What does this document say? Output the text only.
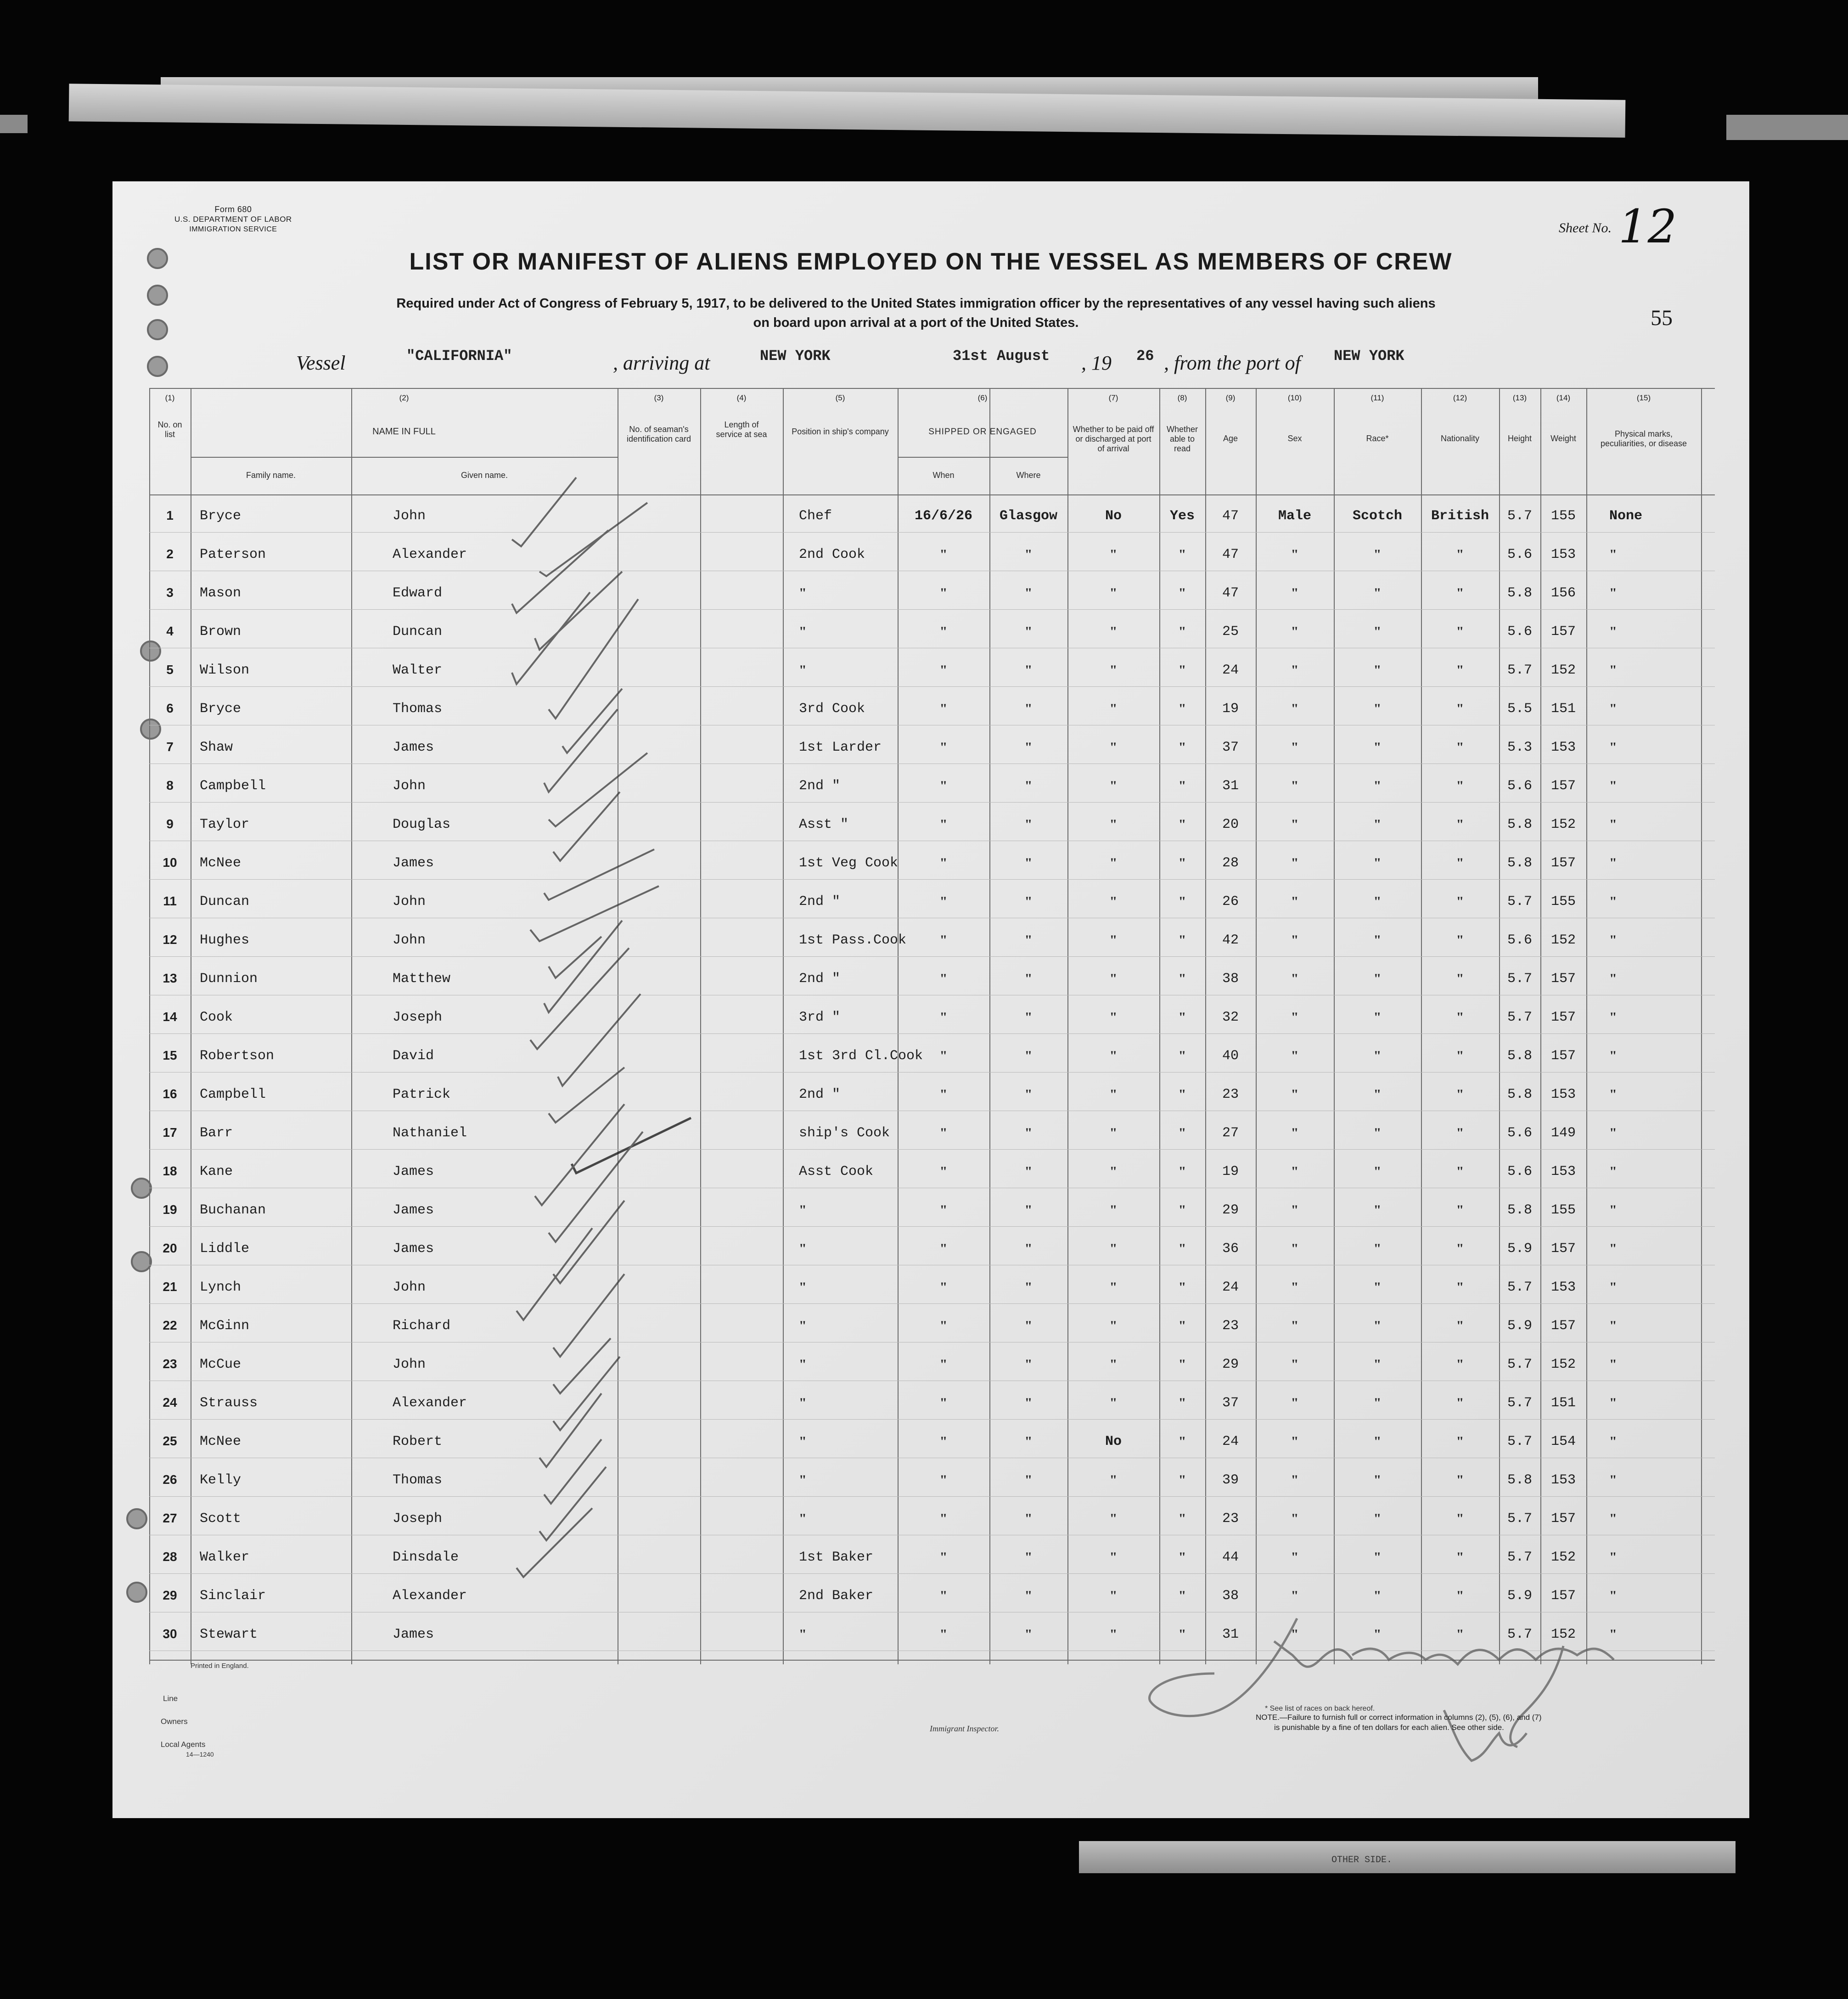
OTHER SIDE.
Form 680
U.S. DEPARTMENT OF LABOR
IMMIGRATION SERVICE	Sheet No. 12
55
LIST OR MANIFEST OF ALIENS EMPLOYED ON THE VESSEL AS MEMBERS OF CREW
Required under Act of Congress of February 5, 1917, to be delivered to the United States immigration officer by the representatives of any vessel having such aliens
on board upon arrival at a port of the United States.
Vessel	"CALIFORNIA"	, arriving at	NEW YORK	31st August , 19 26 , from the port of NEW YORK
(1)	(2)	(3)	(4)	(5)	(6)	(7)	(8)	(9)	(10)	(11)	(12)	(13)	(14)	(15)
No. on list	NAME IN FULL
Family name.	Given name.
No. of seaman's identification card
Length of service at sea	Position in ship's company	SHIPPED OR ENGAGED
When	Where
Whether to be paid off or discharged at port of arrival
Whether able to read
Age	Sex	Race*	Nationality	Height	Weight	Physical marks, peculiarities, or disease
1	Bryce	John	Chef	16/6/26	Glasgow	No	Yes	47	Male	Scotch	British	5.7	155	None
2	Paterson	Alexander	2nd Cook	"	"	"	"	47	"	"	"	5.6	153	"
3	Mason	Edward	"	"	"	"	"	47	"	"	"	5.8	156	"
4	Brown	Duncan	"	"	"	"	"	25	"	"	"	5.6	157	"
5	Wilson	Walter	"	"	"	"	"	24	"	"	"	5.7	152	"
6	Bryce	Thomas	3rd Cook	"	"	"	"	19	"	"	"	5.5	151	"
7	Shaw	James	1st Larder	"	"	"	"	37	"	"	"	5.3	153	"
8	Campbell	John	2nd "	"	"	"	"	31	"	"	"	5.6	157	"
9	Taylor	Douglas	Asst "	"	"	"	"	20	"	"	"	5.8	152	"
10	McNee	James	1st Veg Cook	"	"	"	"	28	"	"	"	5.8	157	"
11	Duncan	John	2nd "	"	"	"	"	26	"	"	"	5.7	155	"
12	Hughes	John	1st Pass.Cook	"	"	"	"	42	"	"	"	5.6	152	"
13	Dunnion	Matthew	2nd "	"	"	"	"	38	"	"	"	5.7	157	"
14	Cook	Joseph	3rd "	"	"	"	"	32	"	"	"	5.7	157	"
15	Robertson	David	1st 3rd Cl.Cook	"	"	"	"	40	"	"	"	5.8	157	"
16	Campbell	Patrick	2nd "	"	"	"	"	23	"	"	"	5.8	153	"
17	Barr	Nathaniel	ship's Cook	"	"	"	"	27	"	"	"	5.6	149	"
18	Kane	James	Asst Cook	"	"	"	"	19	"	"	"	5.6	153	"
19	Buchanan	James	"	"	"	"	"	29	"	"	"	5.8	155	"
20	Liddle	James	"	"	"	"	"	36	"	"	"	5.9	157	"
21	Lynch	John	"	"	"	"	"	24	"	"	"	5.7	153	"
22	McGinn	Richard	"	"	"	"	"	23	"	"	"	5.9	157	"
23	McCue	John	"	"	"	"	"	29	"	"	"	5.7	152	"
24	Strauss	Alexander	"	"	"	"	"	37	"	"	"	5.7	151	"
25	McNee	Robert	"	"	"	No	"	24	"	"	"	5.7	154	"
26	Kelly	Thomas	"	"	"	"	"	39	"	"	"	5.8	153	"
27	Scott	Joseph	"	"	"	"	"	23	"	"	"	5.7	157	"
28	Walker	Dinsdale	1st Baker	"	"	"	"	44	"	"	"	5.7	152	"
29	Sinclair	Alexander	2nd Baker	"	"	"	"	38	"	"	"	5.9	157	"
30	Stewart	James	"	"	"	"	"	31	"	"	"	5.7	152	"
Printed in England.
Line
Owners
Local Agents
14—1240
Immigrant Inspector.
* See list of races on back hereof.
NOTE.—Failure to furnish full or correct information in columns (2), (5), (6), and (7)
is punishable by a fine of ten dollars for each alien. See other side.
